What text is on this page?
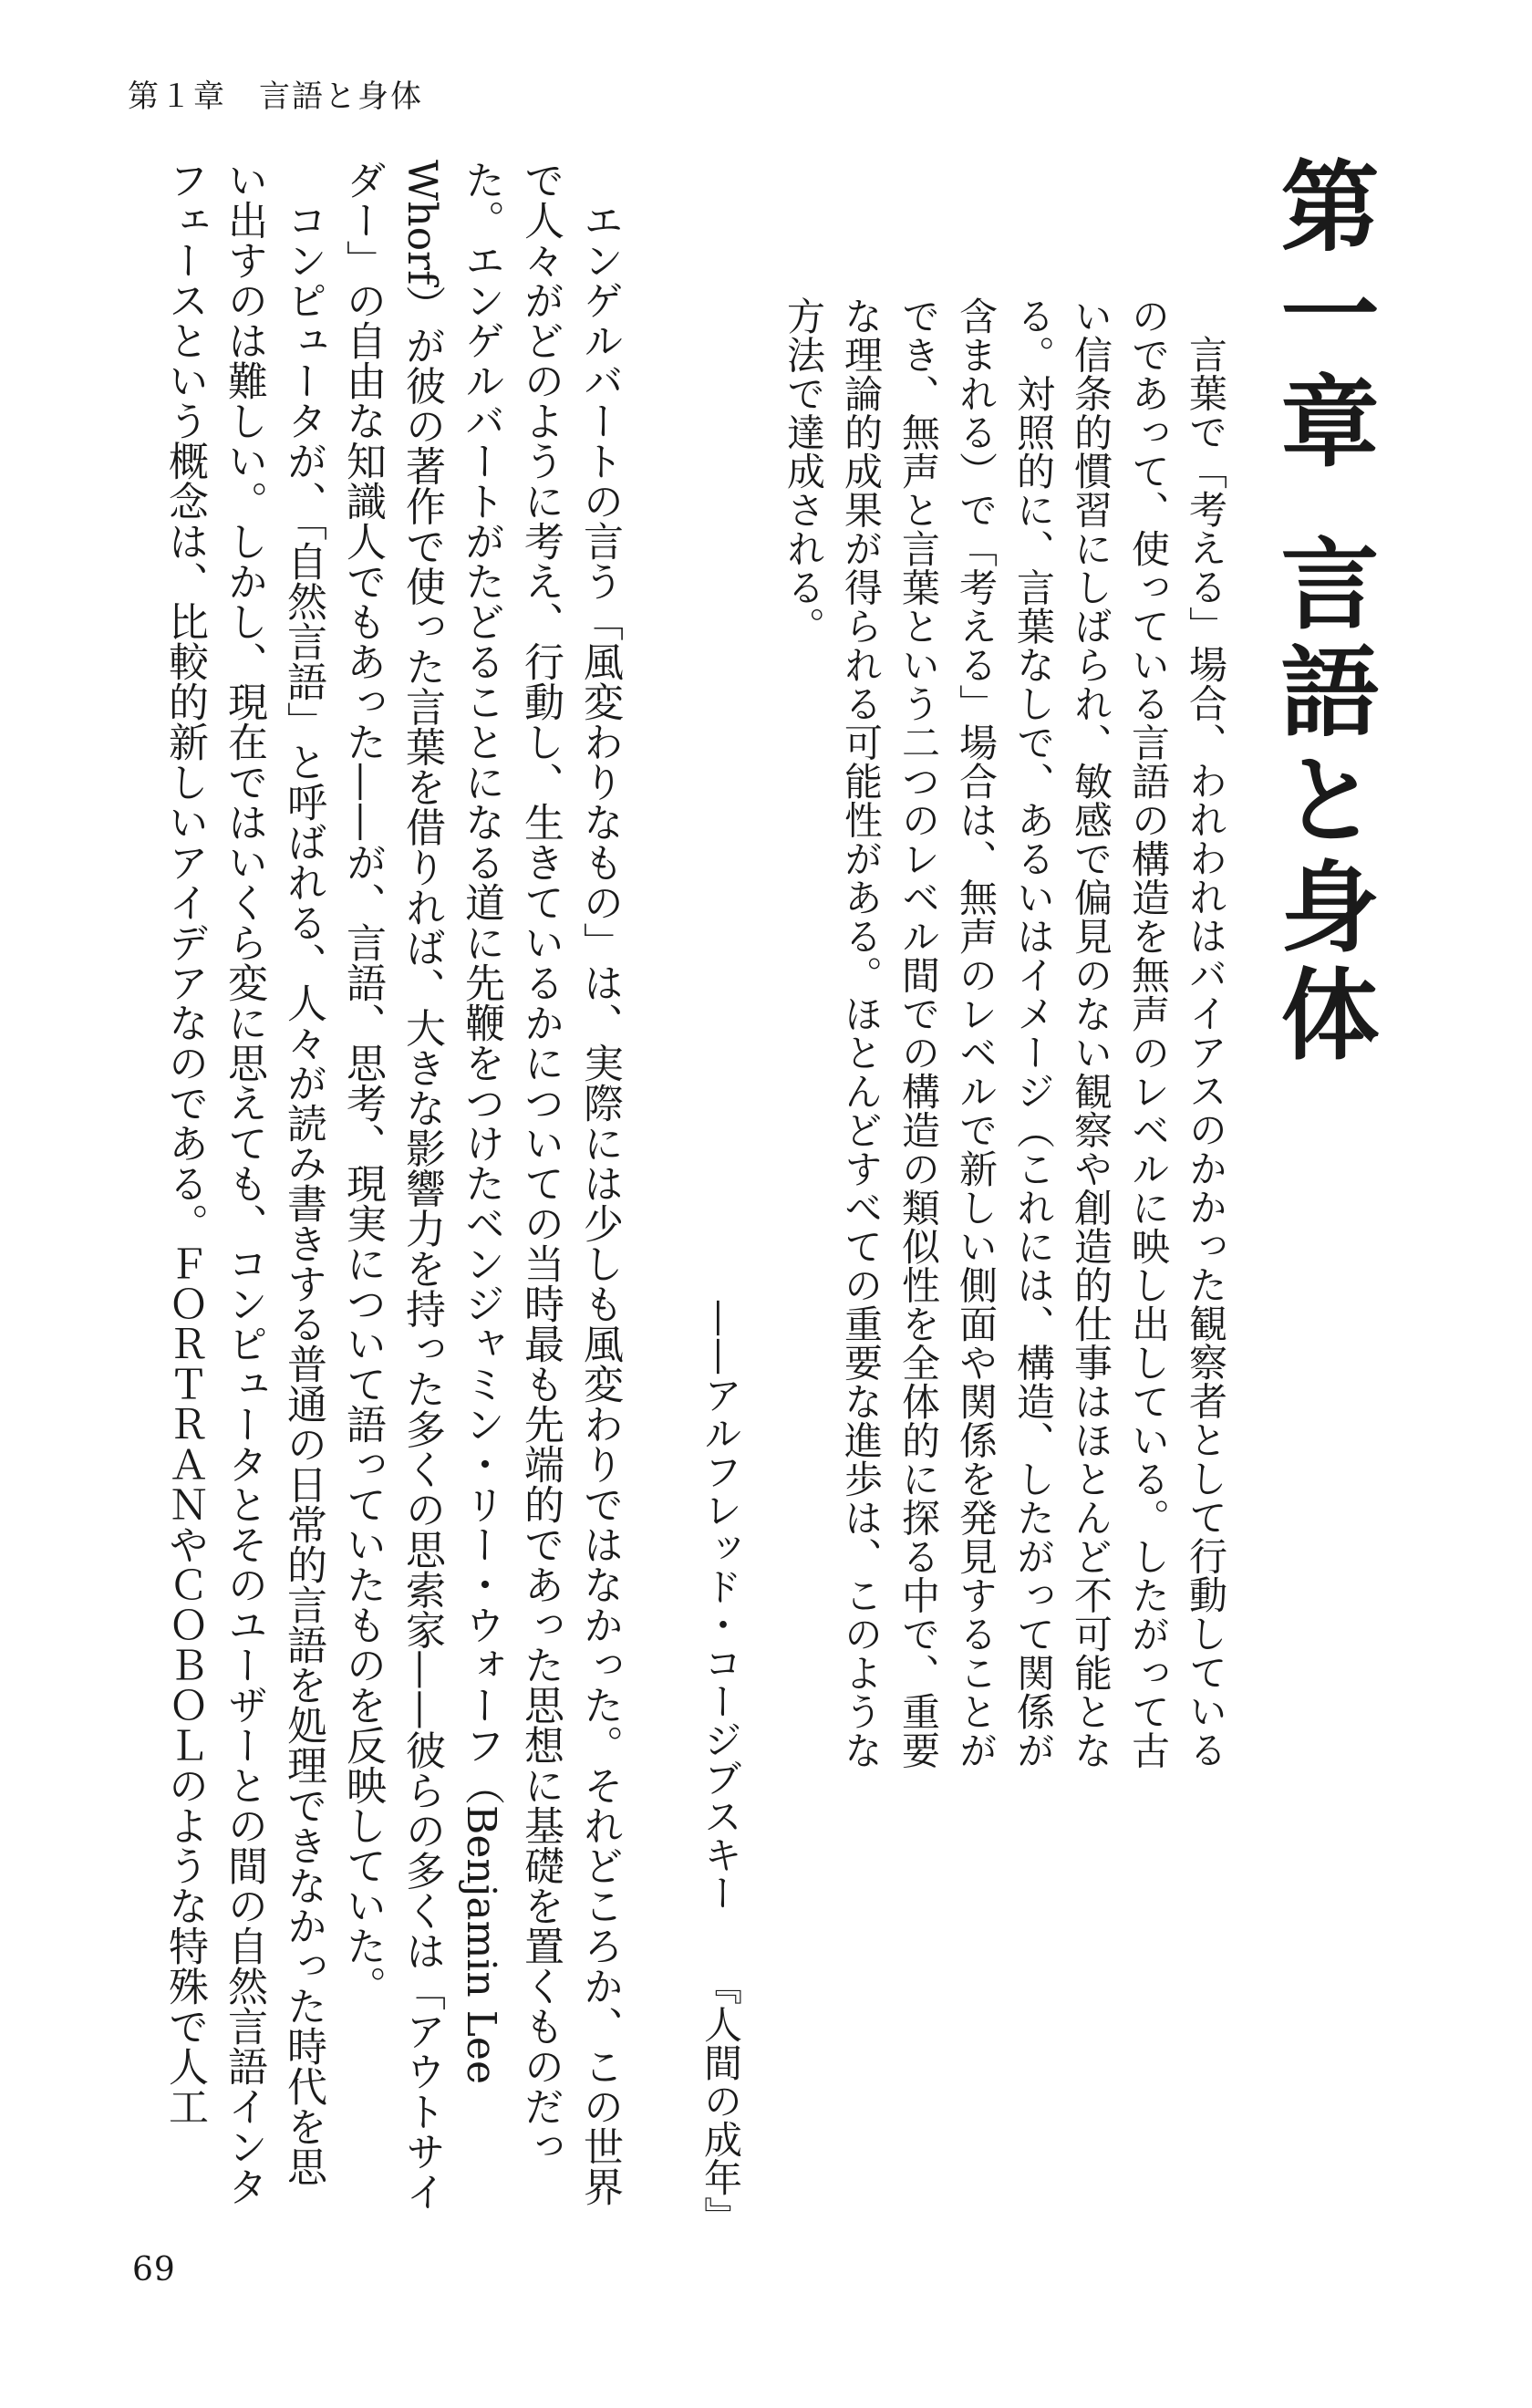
第１章　言語と身体
第一章言語と身体

言葉で「考える」場合、われわれはバイアスのかかった観察者として行動しているのであって、使っている言語の構造を無声のレベルに映し出している。したがって古い信条的慣習にしばられ、敏感で偏見のない観察や創造的仕事はほとんど不可能となる。対照的に、言葉なしで、あるいはイメージ（これには、構造、したがって関係が含まれる）で「考える」場合は、無声のレベルで新しい側面や関係を発見することができ、無声と言葉という二つのレベル間での構造の類似性を全体的に探る中で、重要な理論的成果が得られる可能性がある。ほとんどすべての重要な進歩は、このような方法で達成される。

——アルフレッド・コージブスキー『人間の成年』

エンゲルバートの言う「風変わりなもの」は、実際には少しも風変わりではなかった。それどころか、この世界で人々がどのように考え、行動し、生きているかについての当時最も先端的であった思想に基礎を置くものだった。エンゲルバートがたどることになる道に先鞭をつけたベンジャミン・リー・ウォーフ（Benjamin Lee Whorf）が彼の著作で使った言葉を借りれば、大きな影響力を持った多くの思索家——彼らの多くは「アウトサイダー」の自由な知識人でもあった——が、言語、思考、現実について語っていたものを反映していた。

コンピュータが、「自然言語」と呼ばれる、人々が読み書きする普通の日常的言語を処理できなかった時代を思い出すのは難しい。しかし、現在ではいくら変に思えても、コンピュータとそのユーザーとの間の自然言語インタフェースという概念は、比較的新しいアイデアなのである。ＦＯＲＴＲＡＮやＣＯＢＯＬのような特殊で人工

69
